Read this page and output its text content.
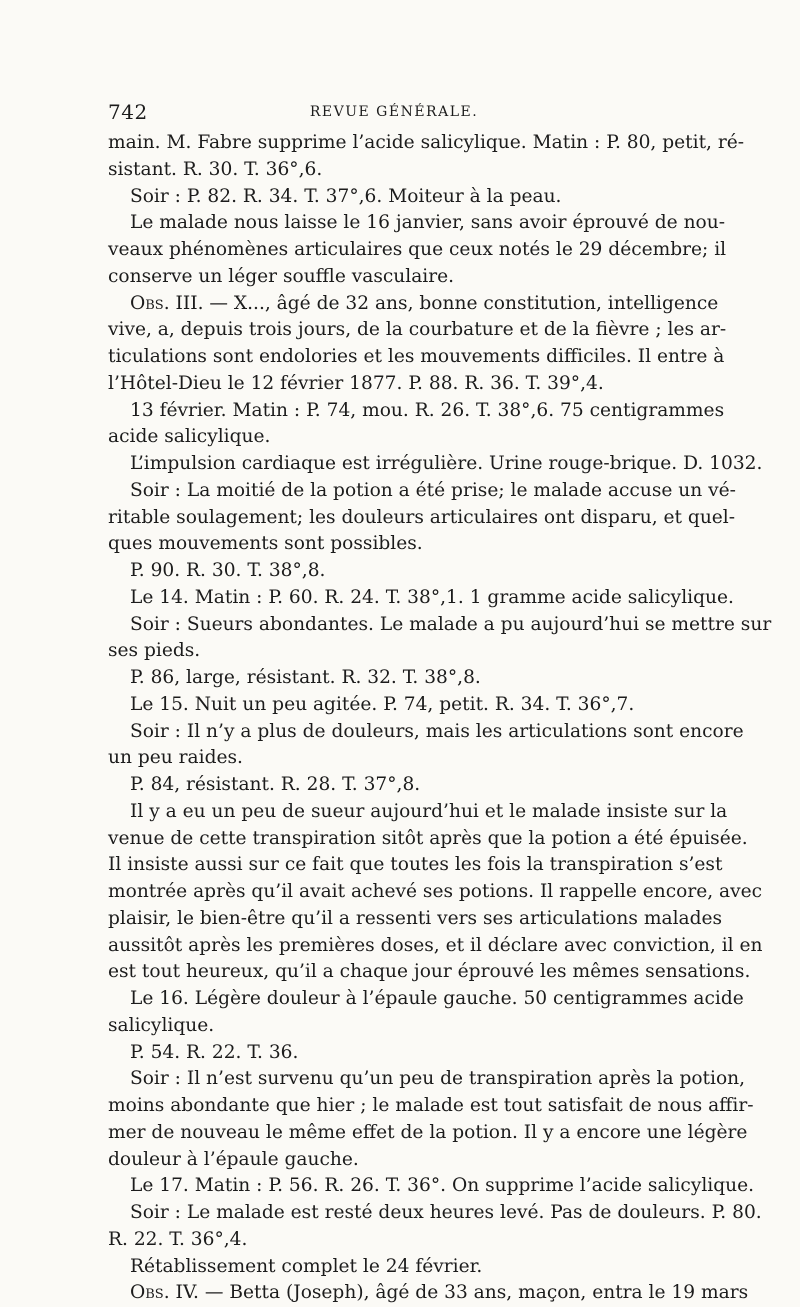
742	REVUE GÉNÉRALE.
main. M. Fabre supprime l’acide salicylique. Matin : P. 80, petit, ré-
sistant. R. 30. T. 36°,6.
Soir : P. 82. R. 34. T. 37°,6. Moiteur à la peau.
Le malade nous laisse le 16 janvier, sans avoir éprouvé de nou-
veaux phénomènes articulaires que ceux notés le 29 décembre; il
conserve un léger souffle vasculaire.
Obs. III. — X..., âgé de 32 ans, bonne constitution, intelligence
vive, a, depuis trois jours, de la courbature et de la fièvre ; les ar-
ticulations sont endolories et les mouvements difficiles. Il entre à
l’Hôtel-Dieu le 12 février 1877. P. 88. R. 36. T. 39°,4.
13 février. Matin : P. 74, mou. R. 26. T. 38°,6. 75 centigrammes
acide salicylique.
L’impulsion cardiaque est irrégulière. Urine rouge-brique. D. 1032.
Soir : La moitié de la potion a été prise; le malade accuse un vé-
ritable soulagement; les douleurs articulaires ont disparu, et quel-
ques mouvements sont possibles.
P. 90. R. 30. T. 38°,8.
Le 14. Matin : P. 60. R. 24. T. 38°,1. 1 gramme acide salicylique.
Soir : Sueurs abondantes. Le malade a pu aujourd’hui se mettre sur
ses pieds.
P. 86, large, résistant. R. 32. T. 38°,8.
Le 15. Nuit un peu agitée. P. 74, petit. R. 34. T. 36°,7.
Soir : Il n’y a plus de douleurs, mais les articulations sont encore
un peu raides.
P. 84, résistant. R. 28. T. 37°,8.
Il y a eu un peu de sueur aujourd’hui et le malade insiste sur la
venue de cette transpiration sitôt après que la potion a été épuisée.
Il insiste aussi sur ce fait que toutes les fois la transpiration s’est
montrée après qu’il avait achevé ses potions. Il rappelle encore, avec
plaisir, le bien-être qu’il a ressenti vers ses articulations malades
aussitôt après les premières doses, et il déclare avec conviction, il en
est tout heureux, qu’il a chaque jour éprouvé les mêmes sensations.
Le 16. Légère douleur à l’épaule gauche. 50 centigrammes acide
salicylique.
P. 54. R. 22. T. 36.
Soir : Il n’est survenu qu’un peu de transpiration après la potion,
moins abondante que hier ; le malade est tout satisfait de nous affir-
mer de nouveau le même effet de la potion. Il y a encore une légère
douleur à l’épaule gauche.
Le 17. Matin : P. 56. R. 26. T. 36°. On supprime l’acide salicylique.
Soir : Le malade est resté deux heures levé. Pas de douleurs. P. 80.
R. 22. T. 36°,4.
Rétablissement complet le 24 février.
Obs. IV. — Betta (Joseph), âgé de 33 ans, maçon, entra le 19 mars
